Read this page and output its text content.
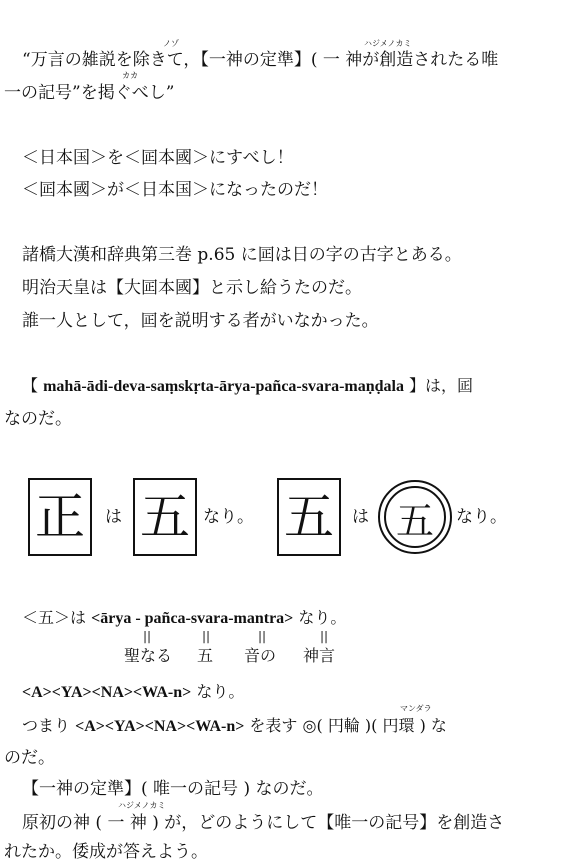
ノゾ	ハジメノカミ
“万言の雑説を除きて，【一神の定準】( 一 神が創造されたる唯
カカ
一の記号”を掲ぐべし”
＜日本国＞を＜囸本國＞にすべし！
＜囸本國＞が＜日本国＞になったのだ！
諸橋大漢和辞典第三巻 p.65 に囸は日の字の古字とある。
明治天皇は【大囸本國】と示し給うたのだ。
誰一人として，囸を説明する者がいなかった。
【 mahā-ādi-deva-saṃskṛta-ārya-pañca-svara-maṇḍala 】は，囸
なのだ。
正	は 五 なり。 五	は 五	なり。
＜五＞は <ārya - pañca-svara-mantra> なり。
||	||	||	||
聖なる 五 音の 神言
<A><YA><NA><WA-n> なり。
マンダラ
つまり <A><YA><NA><WA-n> を表す ◎( 円輪 )( 円環 ) な
のだ。
【一神の定準】( 唯一の記号 ) なのだ。
ハジメノカミ
原初の神 ( 一 神 ) が，どのようにして【唯一の記号】を創造さ
れたか。倭成が答えよう。
